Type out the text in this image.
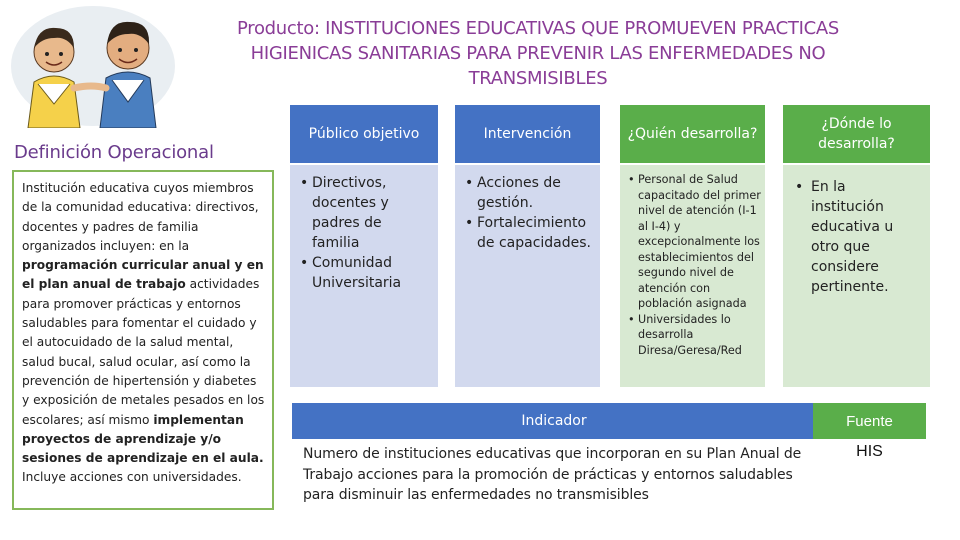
Producto: INSTITUCIONES EDUCATIVAS QUE PROMUEVEN PRACTICAS HIGIENICAS SANITARIAS PARA PREVENIR LAS ENFERMEDADES NO TRANSMISIBLES
Definición Operacional
Institución educativa cuyos miembros de la comunidad educativa: directivos, docentes y padres de familia organizados incluyen: en la programación curricular anual y en el plan anual de trabajo actividades para promover prácticas y entornos saludables para fomentar el cuidado y el autocuidado de la salud mental, salud bucal, salud ocular, así como la prevención de hipertensión y diabetes y exposición de metales pesados en los escolares; así mismo implementan proyectos de aprendizaje y/o sesiones de aprendizaje en el aula.
Incluye acciones con universidades.
Público objetivo
• Directivos, docentes y padres de familia
• Comunidad Universitaria
Intervención
• Acciones de gestión.
• Fortalecimiento de capacidades.
¿Quién desarrolla?
• Personal de Salud capacitado del primer nivel de atención (I-1 al I-4) y excepcionalmente los establecimientos del segundo nivel de atención con población asignada
• Universidades lo desarrolla Diresa/Geresa/Red
¿Dónde lo desarrolla?
• En la institución educativa u otro que considere pertinente.
Indicador	Fuente
Numero de instituciones educativas que incorporan en su Plan Anual de Trabajo acciones para la promoción de prácticas y entornos saludables para disminuir las enfermedades no transmisibles
HIS
